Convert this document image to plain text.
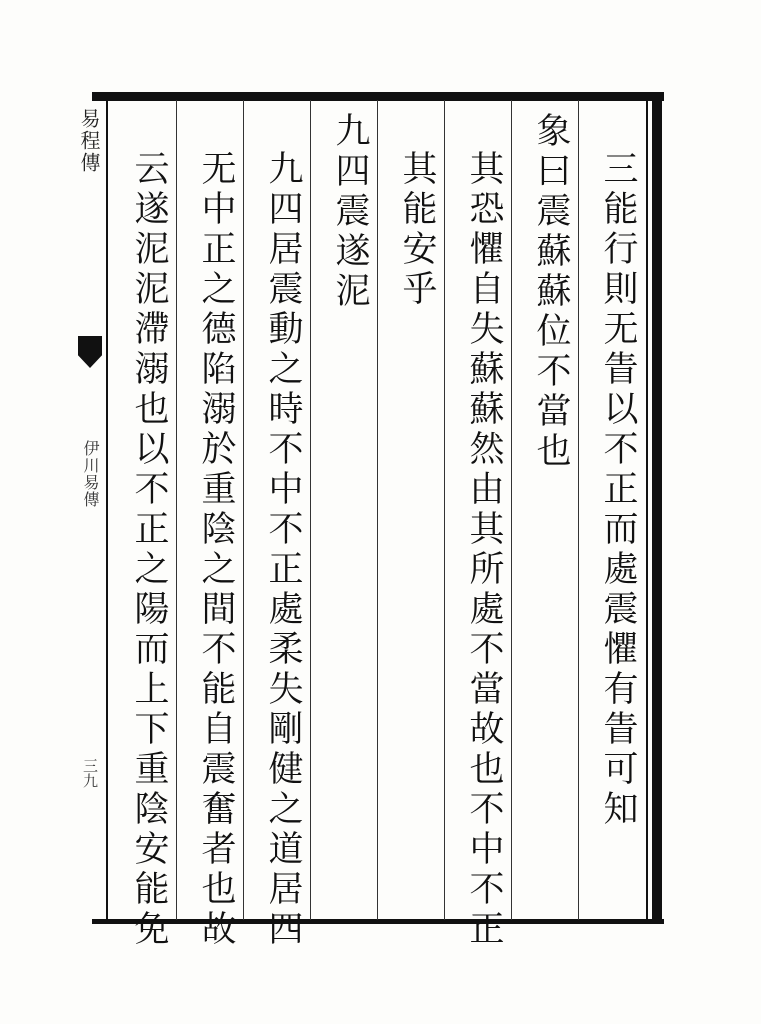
易程傳
伊川易傳
三九	三能行則无眚以不正而處震懼有眚可知
象曰震蘇蘇位不當也
其恐懼自失蘇蘇然由其所處不當故也不中不正
其能安乎
九四震遂泥
九四居震動之時不中不正處柔失剛健之道居四
无中正之德陷溺於重陰之間不能自震奮者也故
云遂泥泥滯溺也以不正之陽而上下重陰安能免
